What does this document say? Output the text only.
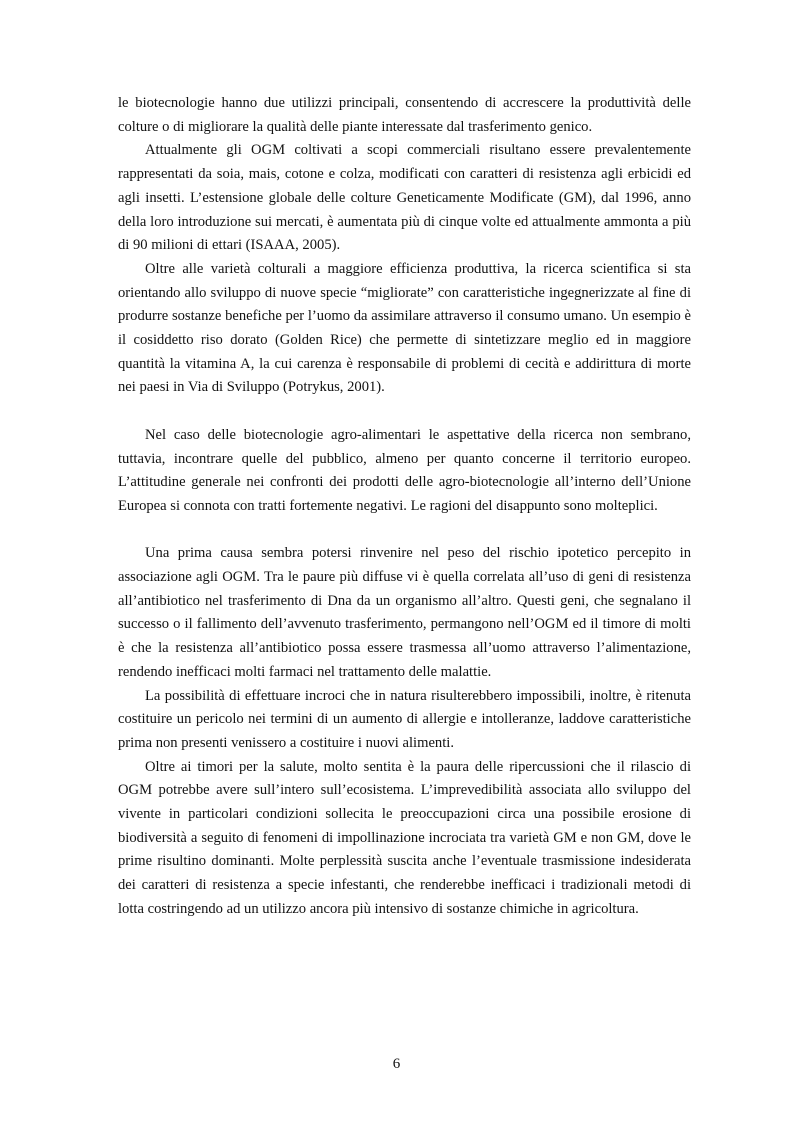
le biotecnologie hanno due utilizzi principali, consentendo di accrescere la produttività delle colture o di migliorare la qualità delle piante interessate dal trasferimento genico.

Attualmente gli OGM coltivati a scopi commerciali risultano essere prevalentemente rappresentati da soia, mais, cotone e colza, modificati con caratteri di resistenza agli erbicidi ed agli insetti. L’estensione globale delle colture Geneticamente Modificate (GM), dal 1996, anno della loro introduzione sui mercati, è aumentata più di cinque volte ed attualmente ammonta a più di 90 milioni di ettari (ISAAA, 2005).

Oltre alle varietà colturali a maggiore efficienza produttiva, la ricerca scientifica si sta orientando allo sviluppo di nuove specie “migliorate” con caratteristiche ingegnerizzate al fine di produrre sostanze benefiche per l’uomo da assimilare attraverso il consumo umano. Un esempio è il cosiddetto riso dorato (Golden Rice) che permette di sintetizzare meglio ed in maggiore quantità la vitamina A, la cui carenza è responsabile di problemi di cecità e addirittura di morte nei paesi in Via di Sviluppo (Potrykus, 2001).

Nel caso delle biotecnologie agro-alimentari le aspettative della ricerca non sembrano, tuttavia, incontrare quelle del pubblico, almeno per quanto concerne il territorio europeo. L’attitudine generale nei confronti dei prodotti delle agro-biotecnologie all’interno dell’Unione Europea si connota con tratti fortemente negativi. Le ragioni del disappunto sono molteplici.

Una prima causa sembra potersi rinvenire nel peso del rischio ipotetico percepito in associazione agli OGM. Tra le paure più diffuse vi è quella correlata all’uso di geni di resistenza all’antibiotico nel trasferimento di Dna da un organismo all’altro. Questi geni, che segnalano il successo o il fallimento dell’avvenuto trasferimento, permangono nell’OGM ed il timore di molti è che la resistenza all’antibiotico possa essere trasmessa all’uomo attraverso l’alimentazione, rendendo inefficaci molti farmaci nel trattamento delle malattie.

La possibilità di effettuare incroci che in natura risulterebbero impossibili, inoltre, è ritenuta costituire un pericolo nei termini di un aumento di allergie e intolleranze, laddove caratteristiche prima non presenti venissero a costituire i nuovi alimenti.

Oltre ai timori per la salute, molto sentita è la paura delle ripercussioni che il rilascio di OGM potrebbe avere sull’intero sull’ecosistema. L’imprevedibilità associata allo sviluppo del vivente in particolari condizioni sollecita le preoccupazioni circa una possibile erosione di biodiversità a seguito di fenomeni di impollinazione incrociata tra varietà GM e non GM, dove le prime risultino dominanti. Molte perplessità suscita anche l’eventuale trasmissione indesiderata dei caratteri di resistenza a specie infestanti, che renderebbe inefficaci i tradizionali metodi di lotta costringendo ad un utilizzo ancora più intensivo di sostanze chimiche in agricoltura.

6
